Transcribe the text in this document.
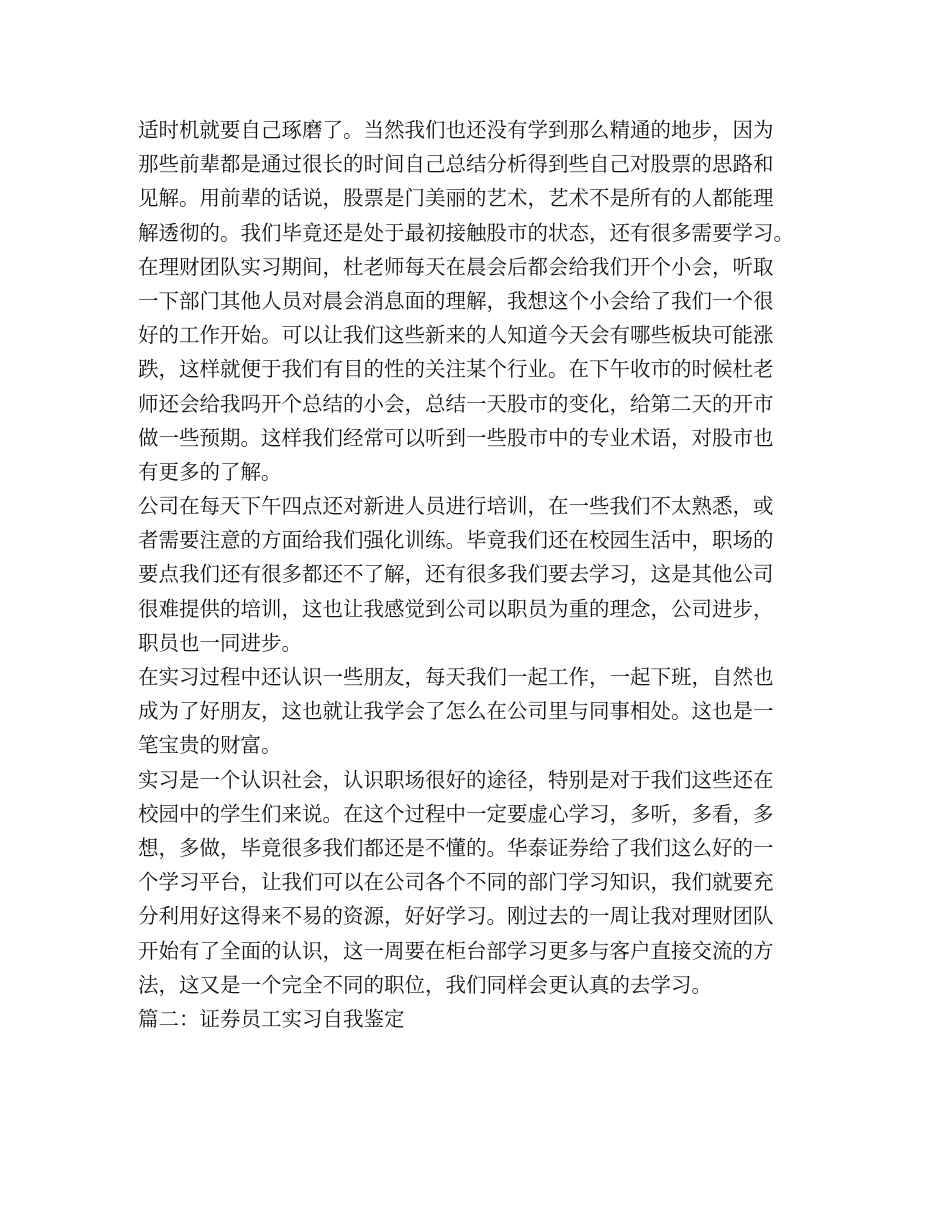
适时机就要自己琢磨了。当然我们也还没有学到那么精通的地步，因为
那些前辈都是通过很长的时间自己总结分析得到些自己对股票的思路和
见解。用前辈的话说，股票是门美丽的艺术，艺术不是所有的人都能理
解透彻的。我们毕竟还是处于最初接触股市的状态，还有很多需要学习。
在理财团队实习期间，杜老师每天在晨会后都会给我们开个小会，听取
一下部门其他人员对晨会消息面的理解，我想这个小会给了我们一个很
好的工作开始。可以让我们这些新来的人知道今天会有哪些板块可能涨
跌，这样就便于我们有目的性的关注某个行业。在下午收市的时候杜老
师还会给我吗开个总结的小会，总结一天股市的变化，给第二天的开市
做一些预期。这样我们经常可以听到一些股市中的专业术语，对股市也
有更多的了解。
公司在每天下午四点还对新进人员进行培训，在一些我们不太熟悉，或
者需要注意的方面给我们强化训练。毕竟我们还在校园生活中，职场的
要点我们还有很多都还不了解，还有很多我们要去学习，这是其他公司
很难提供的培训，这也让我感觉到公司以职员为重的理念，公司进步，
职员也一同进步。
在实习过程中还认识一些朋友，每天我们一起工作，一起下班，自然也
成为了好朋友，这也就让我学会了怎么在公司里与同事相处。这也是一
笔宝贵的财富。
实习是一个认识社会，认识职场很好的途径，特别是对于我们这些还在
校园中的学生们来说。在这个过程中一定要虚心学习，多听，多看，多
想，多做，毕竟很多我们都还是不懂的。华泰证券给了我们这么好的一
个学习平台，让我们可以在公司各个不同的部门学习知识，我们就要充
分利用好这得来不易的资源，好好学习。刚过去的一周让我对理财团队
开始有了全面的认识，这一周要在柜台部学习更多与客户直接交流的方
法，这又是一个完全不同的职位，我们同样会更认真的去学习。
篇二：证券员工实习自我鉴定
